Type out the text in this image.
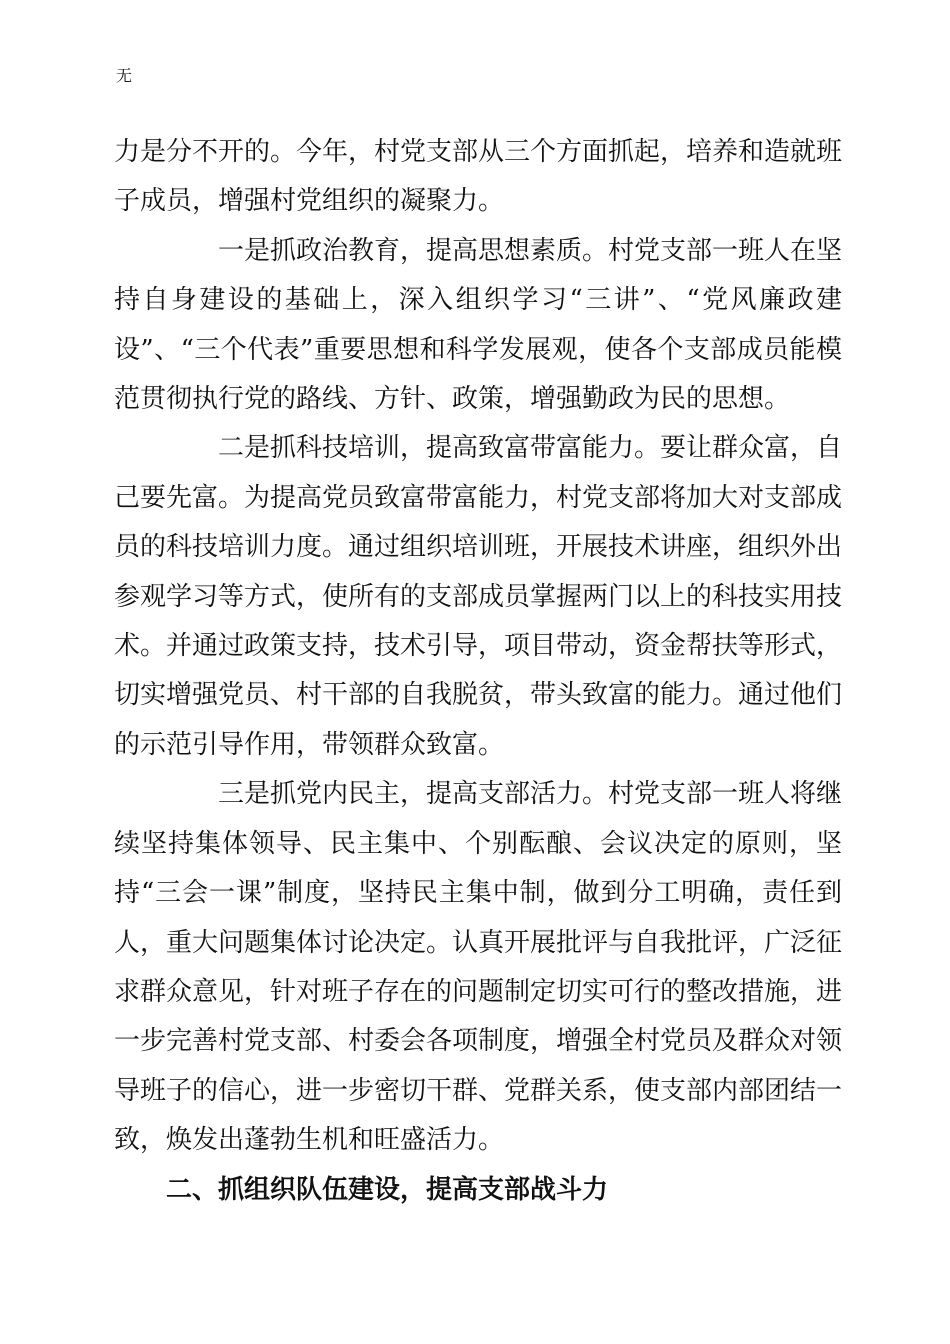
无

力是分不开的。今年，村党支部从三个方面抓起，培养和造就班子成员，增强村党组织的凝聚力。

一是抓政治教育，提高思想素质。村党支部一班人在坚持自身建设的基础上，深入组织学习“三讲”、“党风廉政建设”、“三个代表”重要思想和科学发展观，使各个支部成员能模范贯彻执行党的路线、方针、政策，增强勤政为民的思想。

二是抓科技培训，提高致富带富能力。要让群众富，自己要先富。为提高党员致富带富能力，村党支部将加大对支部成员的科技培训力度。通过组织培训班，开展技术讲座，组织外出参观学习等方式，使所有的支部成员掌握两门以上的科技实用技术。并通过政策支持，技术引导，项目带动，资金帮扶等形式，切实增强党员、村干部的自我脱贫，带头致富的能力。通过他们的示范引导作用，带领群众致富。

三是抓党内民主，提高支部活力。村党支部一班人将继续坚持集体领导、民主集中、个别酝酿、会议决定的原则，坚持“三会一课”制度，坚持民主集中制，做到分工明确，责任到人，重大问题集体讨论决定。认真开展批评与自我批评，广泛征求群众意见，针对班子存在的问题制定切实可行的整改措施，进一步完善村党支部、村委会各项制度，增强全村党员及群众对领导班子的信心，进一步密切干群、党群关系，使支部内部团结一致，焕发出蓬勃生机和旺盛活力。

二、抓组织队伍建设，提高支部战斗力
